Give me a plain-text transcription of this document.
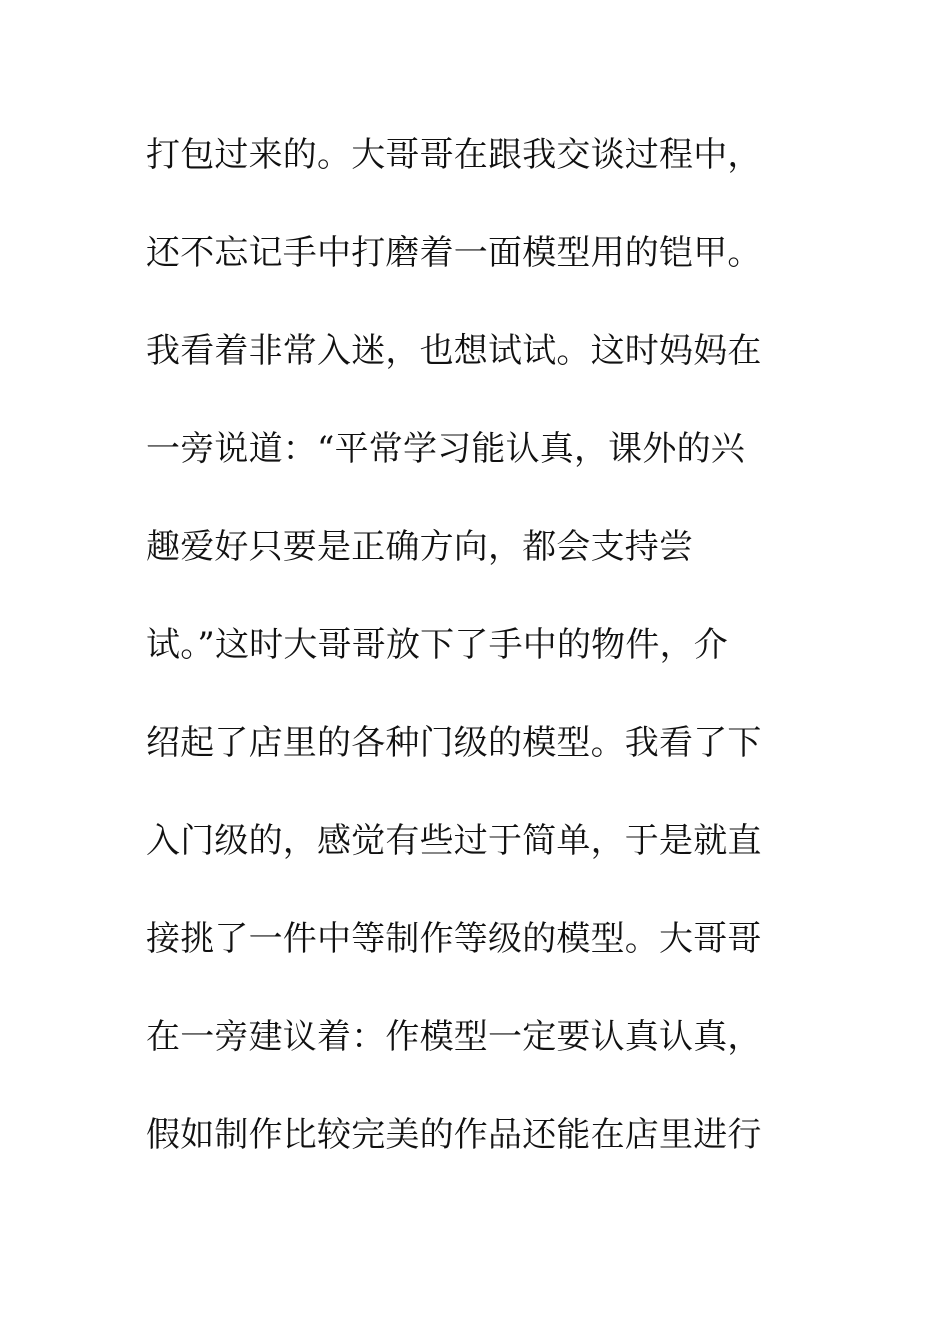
打包过来的。大哥哥在跟我交谈过程中，
还不忘记手中打磨着一面模型用的铠甲。
我看着非常入迷，也想试试。这时妈妈在
一旁说道：“平常学习能认真，课外的兴
趣爱好只要是正确方向，都会支持尝
试。”这时大哥哥放下了手中的物件，介
绍起了店里的各种门级的模型。我看了下
入门级的，感觉有些过于简单，于是就直
接挑了一件中等制作等级的模型。大哥哥
在一旁建议着：作模型一定要认真认真，
假如制作比较完美的作品还能在店里进行
